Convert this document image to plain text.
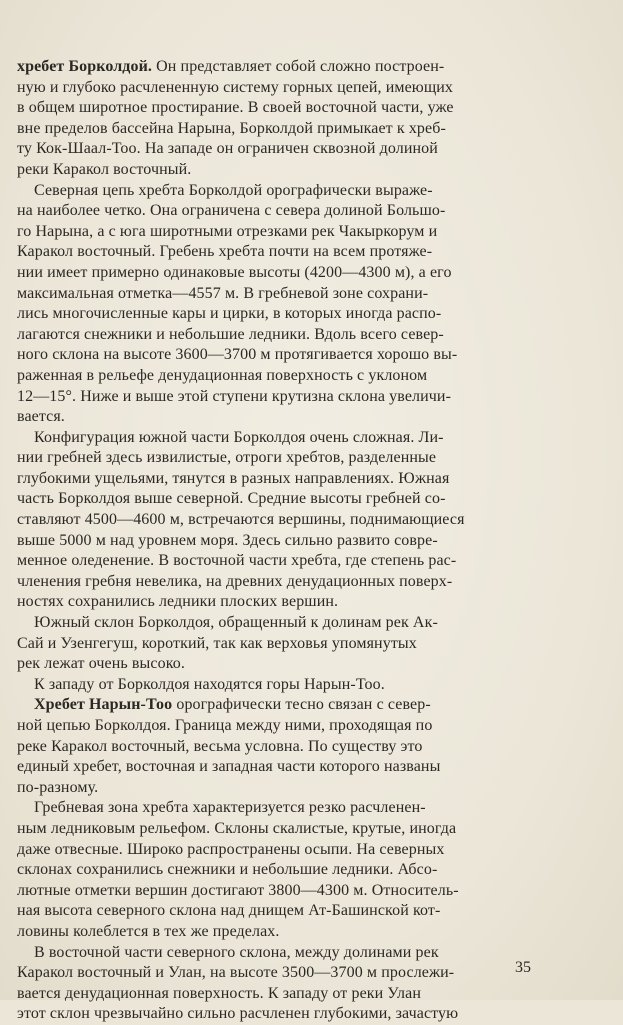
хребет Борколдой. Он представляет собой сложно построен-
ную и глубоко расчлененную систему горных цепей, имеющих
в общем широтное простирание. В своей восточной части, уже
вне пределов бассейна Нарына, Борколдой примыкает к хреб-
ту Кок-Шаал-Тоо. На западе он ограничен сквозной долиной
реки Каракол восточный.
Северная цепь хребта Борколдой орографически выраже-
на наиболее четко. Она ограничена с севера долиной Большо-
го Нарына, а с юга широтными отрезками рек Чакыркорум и
Каракол восточный. Гребень хребта почти на всем протяже-
нии имеет примерно одинаковые высоты (4200—4300 м), а его
максимальная отметка—4557 м. В гребневой зоне сохрани-
лись многочисленные кары и цирки, в которых иногда распо-
лагаются снежники и небольшие ледники. Вдоль всего север-
ного склона на высоте 3600—3700 м протягивается хорошо вы-
раженная в рельефе денудационная поверхность с уклоном
12—15°. Ниже и выше этой ступени крутизна склона увеличи-
вается.
Конфигурация южной части Борколдоя очень сложная. Ли-
нии гребней здесь извилистые, отроги хребтов, разделенные
глубокими ущельями, тянутся в разных направлениях. Южная
часть Борколдоя выше северной. Средние высоты гребней со-
ставляют 4500—4600 м, встречаются вершины, поднимающиеся
выше 5000 м над уровнем моря. Здесь сильно развито совре-
менное оледенение. В восточной части хребта, где степень рас-
членения гребня невелика, на древних денудационных поверх-
ностях сохранились ледники плоских вершин.
Южный склон Борколдоя, обращенный к долинам рек Ак-
Сай и Узенгегуш, короткий, так как верховья упомянутых
рек лежат очень высоко.
К западу от Борколдоя находятся горы Нарын-Тоо.
Хребет Нарын-Тоо орографически тесно связан с север-
ной цепью Борколдоя. Граница между ними, проходящая по
реке Каракол восточный, весьма условна. По существу это
единый хребет, восточная и западная части которого названы
по-разному.
Гребневая зона хребта характеризуется резко расчленен-
ным ледниковым рельефом. Склоны скалистые, крутые, иногда
даже отвесные. Широко распространены осыпи. На северных
склонах сохранились снежники и небольшие ледники. Абсо-
лютные отметки вершин достигают 3800—4300 м. Относитель-
ная высота северного склона над днищем Ат-Башинской кот-
ловины колеблется в тех же пределах.
В восточной части северного склона, между долинами рек
Каракол восточный и Улан, на высоте 3500—3700 м прослежи-
вается денудационная поверхность. К западу от реки Улан
этот склон чрезвычайно сильно расчленен глубокими, зачастую
35
